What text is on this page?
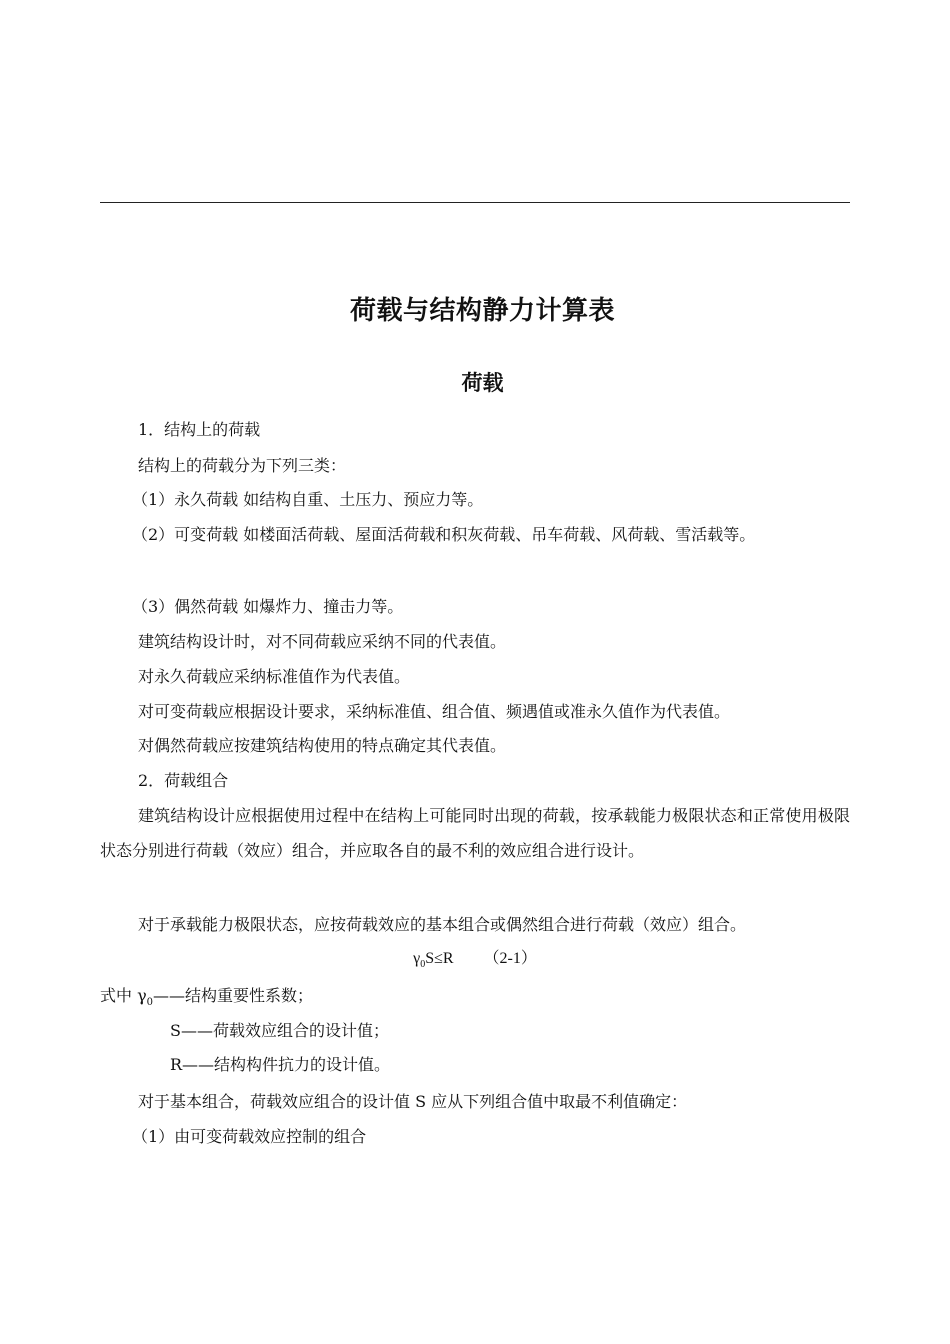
荷载与结构静力计算表
荷载
1．结构上的荷载
结构上的荷载分为下列三类：
（1）永久荷载 如结构自重、土压力、预应力等。
（2）可变荷载 如楼面活荷载、屋面活荷载和积灰荷载、吊车荷载、风荷载、雪活载等。
（3）偶然荷载 如爆炸力、撞击力等。
建筑结构设计时，对不同荷载应采纳不同的代表值。
对永久荷载应采纳标准值作为代表值。
对可变荷载应根据设计要求，采纳标准值、组合值、频遇值或准永久值作为代表值。
对偶然荷载应按建筑结构使用的特点确定其代表值。
2．荷载组合
建筑结构设计应根据使用过程中在结构上可能同时出现的荷载，按承载能力极限状态和正常使用极限状态分别进行荷载（效应）组合，并应取各自的最不利的效应组合进行设计。
对于承载能力极限状态，应按荷载效应的基本组合或偶然组合进行荷载（效应）组合。
$\gamma_0S\le R$ （2-1）
式中 $\gamma_0——$结构重要性系数；
S——荷载效应组合的设计值；
R——结构构件抗力的设计值。
对于基本组合，荷载效应组合的设计值 S 应从下列组合值中取最不利值确定：
（1）由可变荷载效应控制的组合
